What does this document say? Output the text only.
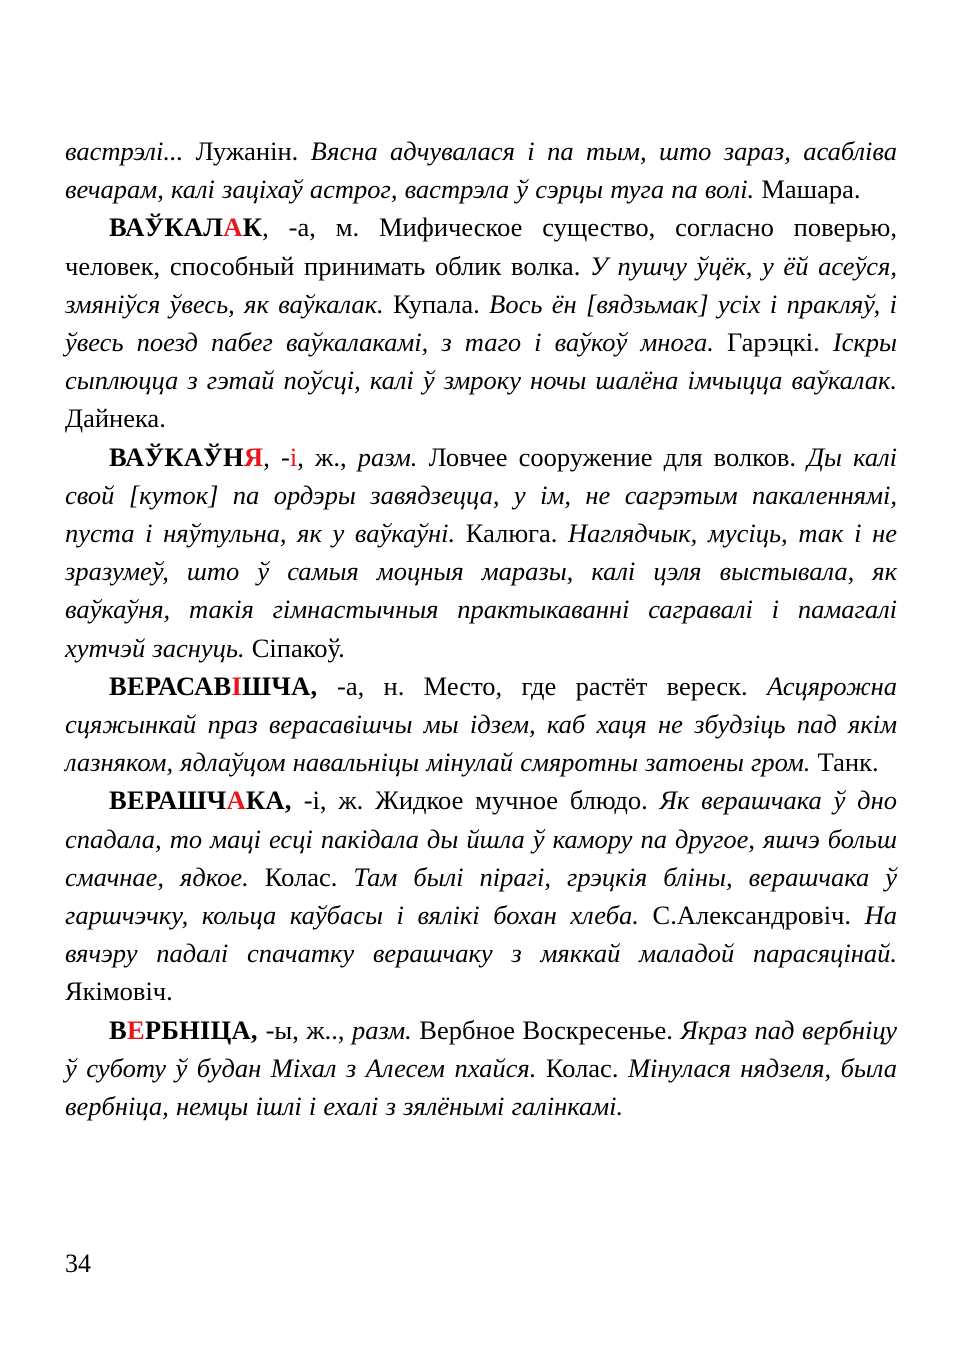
вастрэлі... Лужанін. Вясна адчувалася і па тым, што зараз, асабліва вечарам, калі заціхаў астрог, вастрэла ў сэрцы туга па волі. Машара.

ВАЎКАЛАК, -а, м. Мифическое существо, согласно поверью, человек, способный принимать облик волка. У пушчу ўцёк, у ёй асеўся, змяніўся ўвесь, як ваўкалак. Купала. Вось ён [вядзьмак] усіх і пракляў, і ўвесь поезд пабег ваўкалакамі, з таго і ваўкоў многа. Гарэцкі. Іскры сыплюцца з гэтай поўсці, калі ў змроку ночы шалёна імчыцца ваўкалак. Дайнека.

ВАЎКАЎНЯ, -і, ж., разм. Ловчее сооружение для волков. Ды калі свой [куток] па ордэры завядзецца, у ім, не сагрэтым пакаленнямі, пуста і няўтульна, як у ваўкаўні. Калюга. Наглядчык, мусіць, так і не зразумеў, што ў самыя моцныя маразы, калі цэля выстывала, як ваўкаўня, такія гімнастычныя практыкаванні сагравалі і памагалі хутчэй заснуць. Сіпакоў.

ВЕРАСАВІШЧА, -а, н. Место, где растёт вереск. Асцярожна сцяжынкай праз верасавішчы мы ідзем, каб хаця не збудзіць пад якім лазняком, ядлаўцом навальніцы мінулай смяротны затоены гром. Танк.

ВЕРАШЧАКА, -і, ж. Жидкое мучное блюдо. Як верашчака ў дно спадала, то маці есці пакідала ды йшла ў камору па другое, яшчэ больш смачнае, ядкое. Колас. Там былі пірагі, грэцкія бліны, верашчака ў гаршчэчку, кольца каўбасы і вялікі бохан хлеба. С.Александровіч. На вячэру падалі спачатку верашчаку з мяккай маладой парасяцінай. Якімовіч.

ВЕРБНІЦА, -ы, ж.., разм. Вербное Воскресенье. Якраз пад вербніцу ў суботу ў будан Міхал з Алесем пхайся. Колас. Мінулася нядзеля, была вербніца, немцы ішлі і ехалі з зялёнымі галінкамі.

34
